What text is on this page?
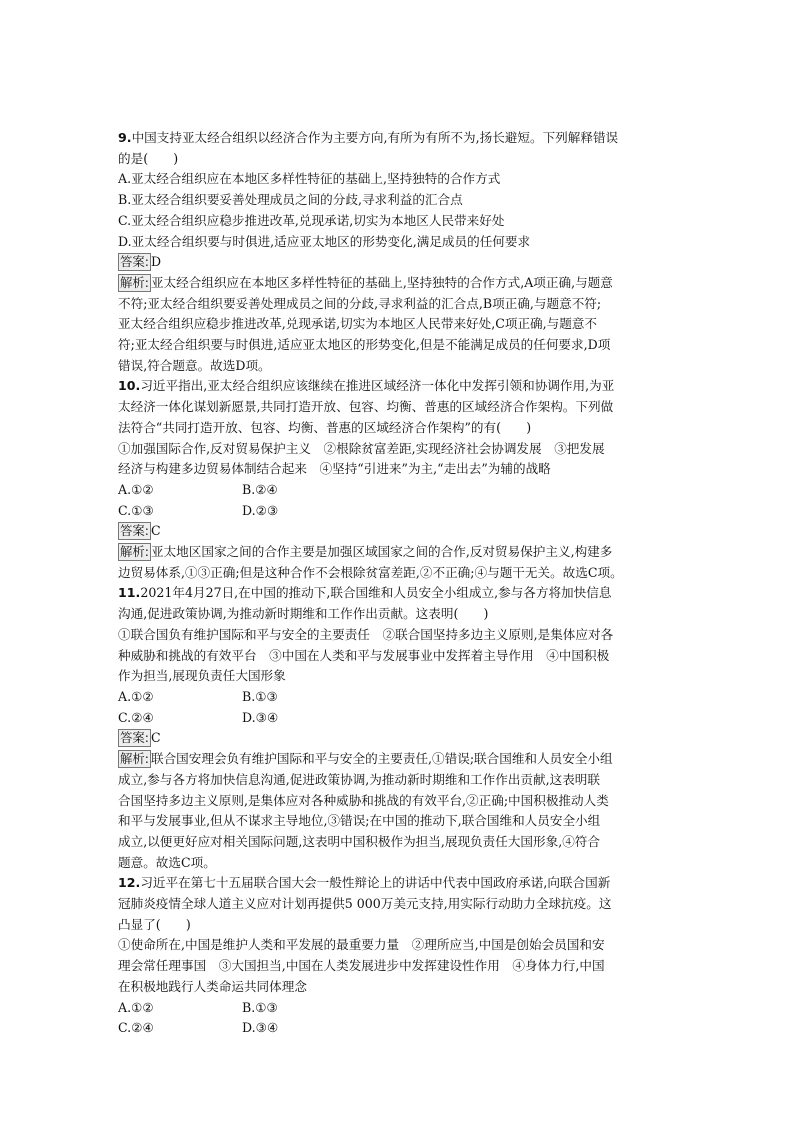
9.中国支持亚太经合组织以经济合作为主要方向,有所为有所不为,扬长避短。下列解释错误
的是(　　)
A.亚太经合组织应在本地区多样性特征的基础上,坚持独特的合作方式
B.亚太经合组织要妥善处理成员之间的分歧,寻求利益的汇合点
C.亚太经合组织应稳步推进改革,兑现承诺,切实为本地区人民带来好处
D.亚太经合组织要与时俱进,适应亚太地区的形势变化,满足成员的任何要求
答案: D
解析: 亚太经合组织应在本地区多样性特征的基础上,坚持独特的合作方式,A项正确,与题意
不符;亚太经合组织要妥善处理成员之间的分歧,寻求利益的汇合点,B项正确,与题意不符;
亚太经合组织应稳步推进改革,兑现承诺,切实为本地区人民带来好处,C项正确,与题意不
符;亚太经合组织要与时俱进,适应亚太地区的形势变化,但是不能满足成员的任何要求,D项
错误,符合题意。故选D项。
10.习近平指出,亚太经合组织应该继续在推进区域经济一体化中发挥引领和协调作用,为亚
太经济一体化谋划新愿景,共同打造开放、包容、均衡、普惠的区域经济合作架构。下列做
法符合“共同打造开放、包容、均衡、普惠的区域经济合作架构”的有(　　)
①加强国际合作,反对贸易保护主义　②根除贫富差距,实现经济社会协调发展　③把发展
经济与构建多边贸易体制结合起来　④坚持“引进来”为主,“走出去”为辅的战略
A.①②	B.②④
C.①③	D.②③
答案: C
解析: 亚太地区国家之间的合作主要是加强区域国家之间的合作,反对贸易保护主义,构建多
边贸易体系,①③正确;但是这种合作不会根除贫富差距,②不正确;④与题干无关。故选C项。
11.2021年4月27日,在中国的推动下,联合国维和人员安全小组成立,参与各方将加快信息
沟通,促进政策协调,为推动新时期维和工作作出贡献。这表明(　　)
①联合国负有维护国际和平与安全的主要责任　②联合国坚持多边主义原则,是集体应对各
种威胁和挑战的有效平台　③中国在人类和平与发展事业中发挥着主导作用　④中国积极
作为担当,展现负责任大国形象
A.①②	B.①③
C.②④	D.③④
答案: C
解析: 联合国安理会负有维护国际和平与安全的主要责任,①错误;联合国维和人员安全小组
成立,参与各方将加快信息沟通,促进政策协调,为推动新时期维和工作作出贡献,这表明联
合国坚持多边主义原则,是集体应对各种威胁和挑战的有效平台,②正确;中国积极推动人类
和平与发展事业,但从不谋求主导地位,③错误;在中国的推动下,联合国维和人员安全小组
成立,以便更好应对相关国际问题,这表明中国积极作为担当,展现负责任大国形象,④符合
题意。故选C项。
12.习近平在第七十五届联合国大会一般性辩论上的讲话中代表中国政府承诺,向联合国新
冠肺炎疫情全球人道主义应对计划再提供5 000万美元支持,用实际行动助力全球抗疫。这
凸显了(　　)
①使命所在,中国是维护人类和平发展的最重要力量　②理所应当,中国是创始会员国和安
理会常任理事国　③大国担当,中国在人类发展进步中发挥建设性作用　④身体力行,中国
在积极地践行人类命运共同体理念
A.①②	B.①③
C.②④	D.③④
